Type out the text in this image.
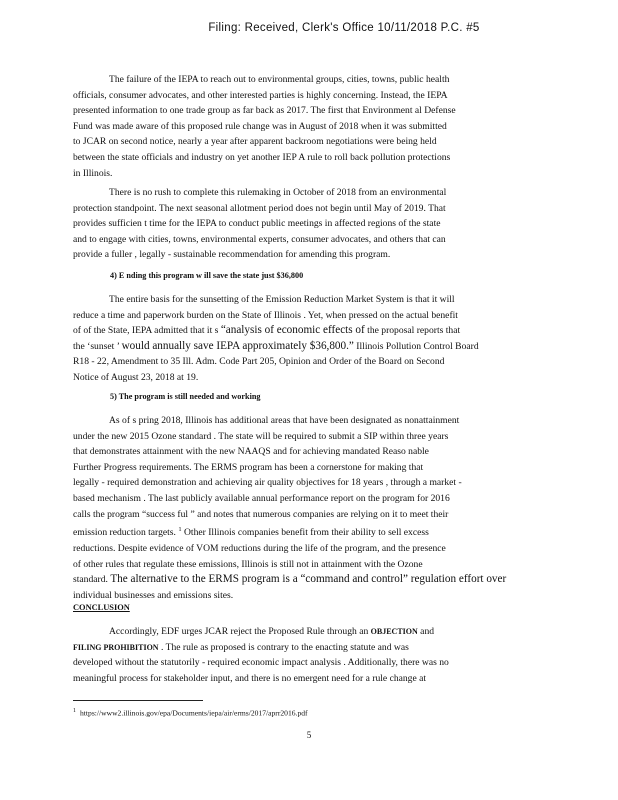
Filing: Received, Clerk's Office 10/11/2018 P.C. #5

The failure of the IEPA to reach out to environmental groups, cities, towns, public health

officials, consumer advocates, and other interested parties is highly concerning. Instead, the IEPA

presented information to one trade group as far back as 2017. The first that Environment al Defense

Fund was made aware of this proposed rule change was in August of 2018 when it was submitted

to JCAR on second notice, nearly a year after apparent backroom negotiations were being held

between the state officials and industry on yet another IEP A rule to roll back pollution protections

in Illinois.

There is no rush to complete this rulemaking in October of 2018 from an environmental

protection standpoint. The next seasonal allotment period does not begin until May of 2019. That

provides sufficien t time for the IEPA to conduct public meetings in affected regions of the state

and to engage with cities, towns, environmental experts, consumer advocates, and others that can

provide a fuller , legally - sustainable recommendation for amending this program.

4) E nding this program w ill save the state just $36,800

The entire basis for the sunsetting of the Emission Reduction Market System is that it will

reduce a time and paperwork burden on the State of Illinois . Yet, when pressed on the actual benefit

of of the State, IEPA admitted that it s “analysis of economic effects of the proposal reports that

the ‘sunset ’ would annually save IEPA approximately $36,800.” Illinois Pollution Control Board

R18 - 22, Amendment to 35 Ill. Adm. Code Part 205, Opinion and Order of the Board on Second

Notice of August 23, 2018 at 19.

5) The program is still needed and working

As of s pring 2018, Illinois has additional areas that have been designated as nonattainment

under the new 2015 Ozone standard . The state will be required to submit a SIP within three years

that demonstrates attainment with the new NAAQS and for achieving mandated Reaso nable

Further Progress requirements. The ERMS program has been a cornerstone for making that

legally - required demonstration and achieving air quality objectives for 18 years , through a market -

based mechanism . The last publicly available annual performance report on the program for 2016

calls the program “success ful ” and notes that numerous companies are relying on it to meet their

emission reduction targets. $^1$ Other Illinois companies benefit from their ability to sell excess

reductions. Despite evidence of VOM reductions during the life of the program, and the presence

of other rules that regulate these emissions, Illinois is still not in attainment with the Ozone

standard. The alternative to the ERMS program is a “command and control” regulation effort over

individual businesses and emissions sites.

CONCLUSION

Accordingly, EDF urges JCAR reject the Proposed Rule through an OBJECTION and

FILING PROHIBITION . The rule as proposed is contrary to the enacting statute and was

developed without the statutorily - required economic impact analysis . Additionally, there was no

meaningful process for stakeholder input, and there is no emergent need for a rule change at

$^1$ https://www2.illinois.gov/epa/Documents/iepa/air/erms/2017/aprr2016.pdf
5
